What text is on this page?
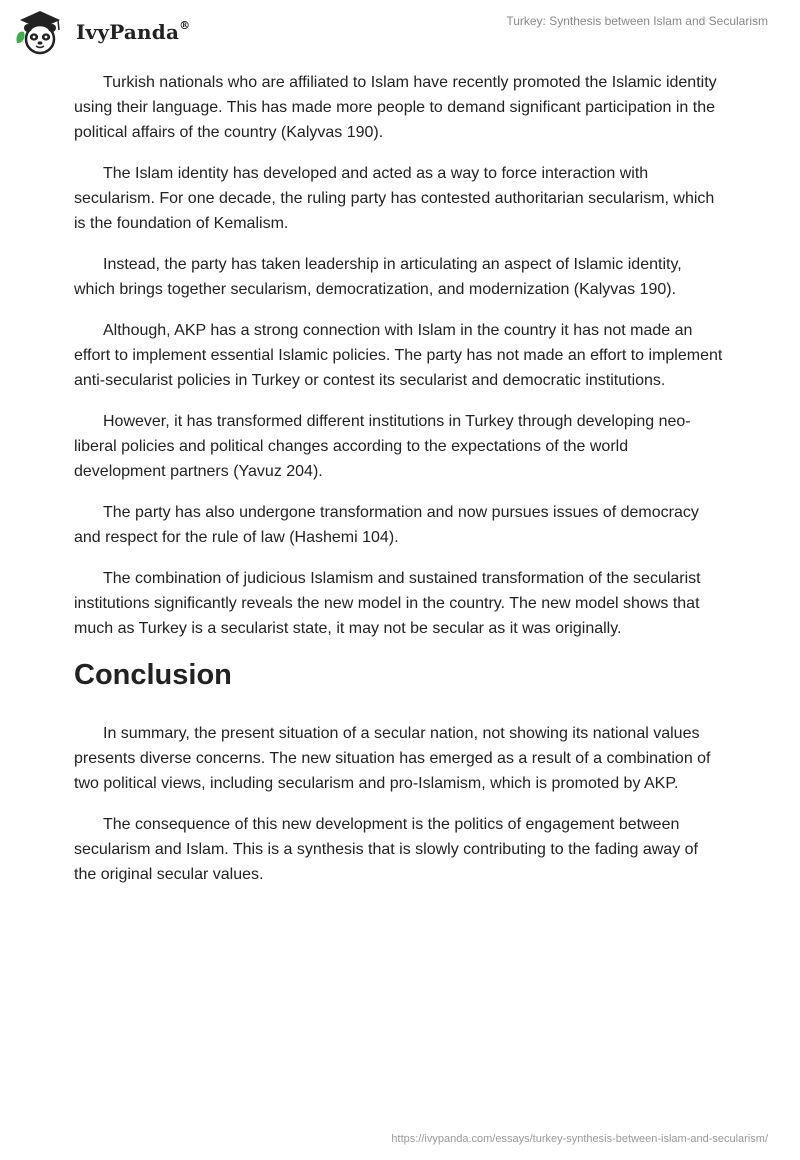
IvyPanda®	Turkey: Synthesis between Islam and Secularism

Turkish nationals who are affiliated to Islam have recently promoted the Islamic identity using their language. This has made more people to demand significant participation in the political affairs of the country (Kalyvas 190).

The Islam identity has developed and acted as a way to force interaction with secularism. For one decade, the ruling party has contested authoritarian secularism, which is the foundation of Kemalism.

Instead, the party has taken leadership in articulating an aspect of Islamic identity, which brings together secularism, democratization, and modernization (Kalyvas 190).

Although, AKP has a strong connection with Islam in the country it has not made an effort to implement essential Islamic policies. The party has not made an effort to implement anti-secularist policies in Turkey or contest its secularist and democratic institutions.

However, it has transformed different institutions in Turkey through developing neo-liberal policies and political changes according to the expectations of the world development partners (Yavuz 204).

The party has also undergone transformation and now pursues issues of democracy and respect for the rule of law (Hashemi 104).

The combination of judicious Islamism and sustained transformation of the secularist institutions significantly reveals the new model in the country. The new model shows that much as Turkey is a secularist state, it may not be secular as it was originally.

Conclusion

In summary, the present situation of a secular nation, not showing its national values presents diverse concerns. The new situation has emerged as a result of a combination of two political views, including secularism and pro-Islamism, which is promoted by AKP.

The consequence of this new development is the politics of engagement between secularism and Islam. This is a synthesis that is slowly contributing to the fading away of the original secular values.

https://ivypanda.com/essays/turkey-synthesis-between-islam-and-secularism/
